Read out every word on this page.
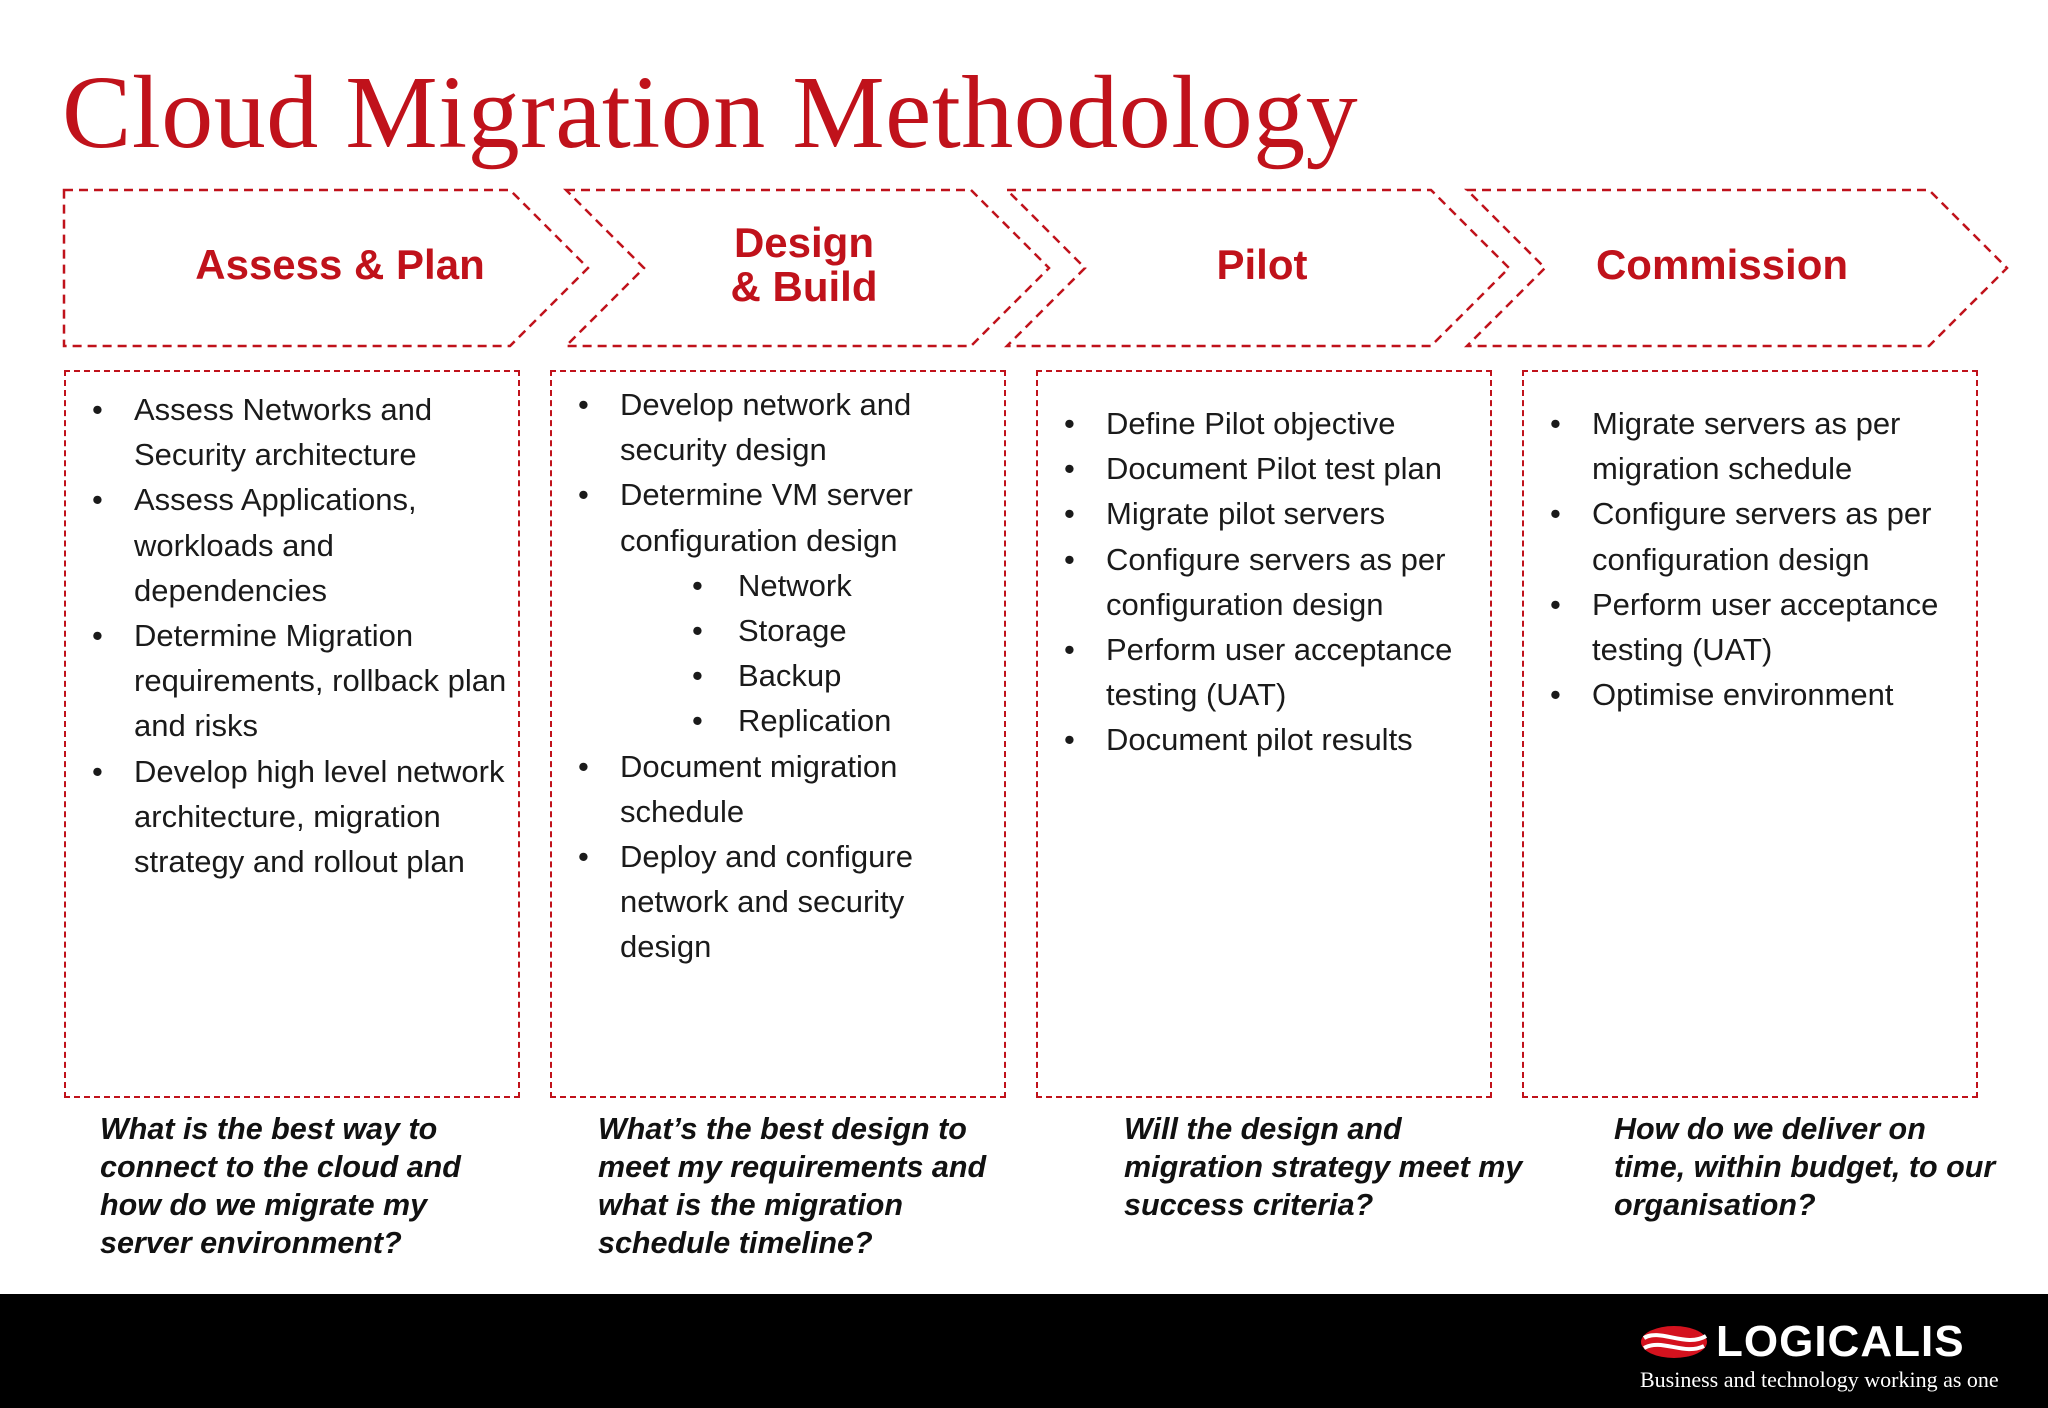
Cloud Migration Methodology
Assess & Plan	Design
& Build	Pilot	Commission
• Assess Networks and Security architecture
• Assess Applications, workloads and dependencies
• Determine Migration requirements, rollback plan and risks
• Develop high level network architecture, migration strategy and rollout plan
• Develop network and security design
• Determine VM server configuration design
• Network
• Storage
• Backup
• Replication
• Document migration schedule
• Deploy and configure network and security design
• Define Pilot objective
• Document Pilot test plan
• Migrate pilot servers
• Configure servers as per configuration design
• Perform user acceptance testing (UAT)
• Document pilot results
• Migrate servers as per migration schedule
• Configure servers as per configuration design
• Perform user acceptance testing (UAT)
• Optimise environment

What is the best way to connect to the cloud and how do we migrate my server environment?

What’s the best design to meet my requirements and what is the migration schedule timeline?

Will the design and migration strategy meet my success criteria?

How do we deliver on time, within budget, to our organisation?

LOGICALIS

Business and technology working as one
